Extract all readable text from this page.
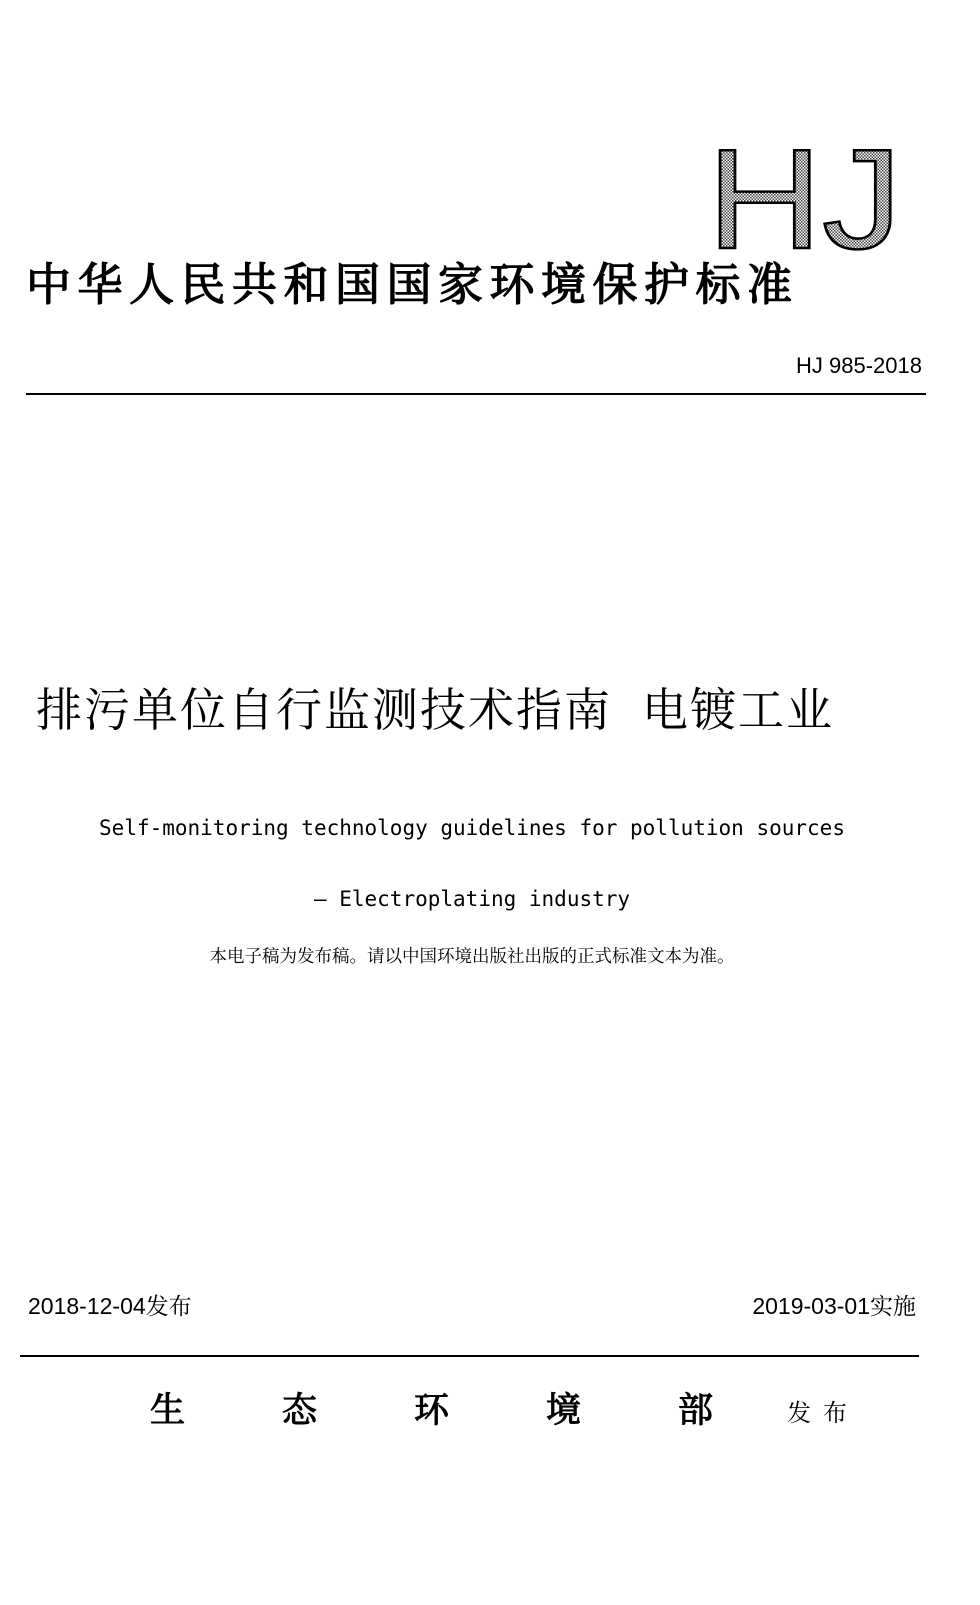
HJ
中华人民共和国国家环境保护标准
HJ 985-2018
排污单位自行监测技术指南 电镀工业
Self-monitoring technology guidelines for pollution sources
— Electroplating industry
本电子稿为发布稿。请以中国环境出版社出版的正式标准文本为准。
2018-12-04发布	2019-03-01实施
生	态	环	境	部	发布
